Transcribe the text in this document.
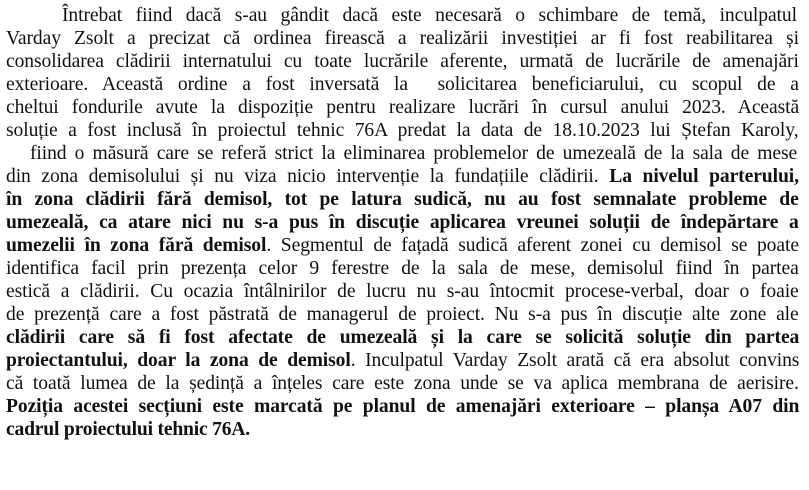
Întrebat fiind dacă s-au gândit dacă este necesară o schimbare de temă, inculpatul
Varday Zsolt a precizat că ordinea firească a realizării investiției ar fi fost reabilitarea și
consolidarea clădirii internatului cu toate lucrările aferente, urmată de lucrările de amenajări
exterioare. Această ordine a fost inversată la  solicitarea beneficiarului, cu scopul de a
cheltui fondurile avute la dispoziție pentru realizare lucrări în cursul anului 2023. Această
soluție a fost inclusă în proiectul tehnic 76A predat la data de 18.10.2023 lui Ștefan Karoly,
fiind o măsură care se referă strict la eliminarea problemelor de umezeală de la sala de mese
din zona demisolului și nu viza nicio intervenție la fundațiile clădirii. La nivelul parterului,
în zona clădirii fără demisol, tot pe latura sudică, nu au fost semnalate probleme de
umezeală, ca atare nici nu s-a pus în discuție aplicarea vreunei soluții de îndepărtare a
umezelii în zona fără demisol. Segmentul de fațadă sudică aferent zonei cu demisol se poate
identifica facil prin prezența celor 9 ferestre de la sala de mese, demisolul fiind în partea
estică a clădirii. Cu ocazia întâlnirilor de lucru nu s-au întocmit procese-verbal, doar o foaie
de prezență care a fost păstrată de managerul de proiect. Nu s-a pus în discuție alte zone ale
clădirii care să fi fost afectate de umezeală și la care se solicită soluție din partea
proiectantului, doar la zona de demisol. Inculpatul Varday Zsolt arată că era absolut convins
că toată lumea de la ședință a înțeles care este zona unde se va aplica membrana de aerisire.
Poziția acestei secțiuni este marcată pe planul de amenajări exterioare – planșa A07 din
cadrul proiectului tehnic 76A.
